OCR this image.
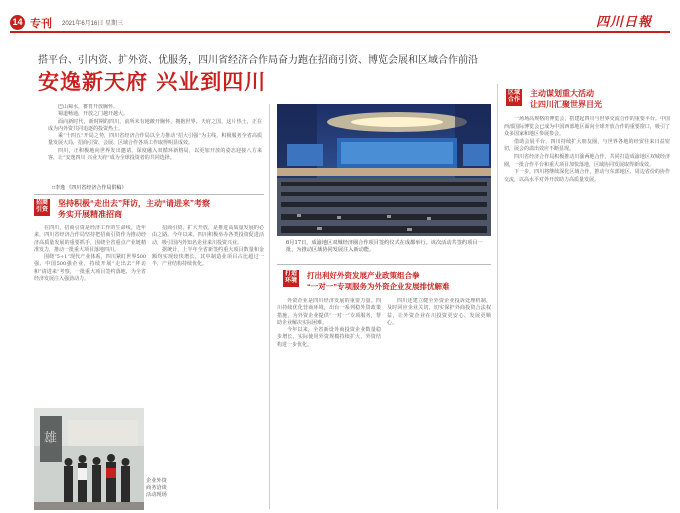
14 专刊 2021年6月16日 星期三	四川日報
搭平台、引内资、扩外资、优服务，四川省经济合作局奋力跑在招商引资、博览会展和区域合作前沿
安逸新天府 兴业到四川

巴山蜀水，蓄育开放胸怀。

蜀道畅通，开放之门越开越大。

面向新时代，新时期的四川，前所未有地敞开胸怀，拥抱世界。天府之国，这片热土，正在成为内外资共同追逐的投资热土。

乘“十四五”开局之势，四川省经济合作局以全力推动“招大引强”为主线，积极服务全省高质量发展大局，招商引资、会展、区域合作各项工作取得明显成效。

四川，正积极地向世界发出邀请，深度融入双循环新格局，以更加开放的姿态迎接八方来客，让“安逸四川 兴业天府”成为全球投资者的共同选择。

□李逸 《四川省经济合作局供稿》
招商引资
坚持积极“走出去”拜访，主动“请进来”考察
务实开展精准招商

在四川，招商引资是经济工作的生命线。近年来，四川省经济合作局坚持把招商引资作为推动经济高质量发展的重要抓手，围绕全省重点产业链精准发力，推动一批重大项目落地四川。

围绕“5+1”现代产业体系，四川紧盯世界500强、中国500强企业，持续开展“走出去”拜访和“请进来”考察，一批重大项目签约落地，为全省经济发展注入强劲动力。

招商引资、扩大开放，是推进高质量发展的必由之路。今年以来，四川积极举办各类投资促进活动，吸引国内外知名企业来川投资兴业。

据统计，上半年全省新签约重大项目数量和金额均实现较快增长，其中制造业项目占比超过一半，产业结构持续优化。

雄
企业外资商务洽谈活动现场
6月17日，成渝地区双城经济圈合作项目签约仪式在成都举行。该次活动共签约项目一批，为推动区域协同发展注入新动能。
打造环境
打出利好外资发展产业政策组合拳
“一对一”专项服务为外资企业发展排忧解难

外资企业是四川经济发展的重要力量。四川持续优化营商环境，出台一系列稳外资政策措施，为外资企业提供“一对一”专项服务，帮助企业解决实际困难。

今年以来，全省新设外商投资企业数量稳步增长，实际使用外资规模持续扩大，外资结构进一步优化。

四川还建立健全外资企业投诉处理机制，及时回应企业关切，切实保护外商投资合法权益，让外资企业在川投资更安心、发展更顺心。

区域合作
主动谋划重大活动
让四川汇聚世界目光

一场场高规格的博览会，搭建起四川与世界交流合作的重要平台。中国西部国际博览会已成为中国西部地区面向全球开放合作的重要窗口，吸引了众多国家和地区参展参会。

借助会展平台，四川持续扩大朋友圈，与世界各地的经贸往来日益密切，展会的溢出效应不断显现。

四川省经济合作局积极推动川渝两地合作，共同打造成渝地区双城经济圈，一批合作平台和重大项目加快落地，区域协同发展取得新成效。

下一步，四川将继续深化区域合作，推动与东部地区、周边省份的协作交流，以高水平对外开放助力高质量发展。
